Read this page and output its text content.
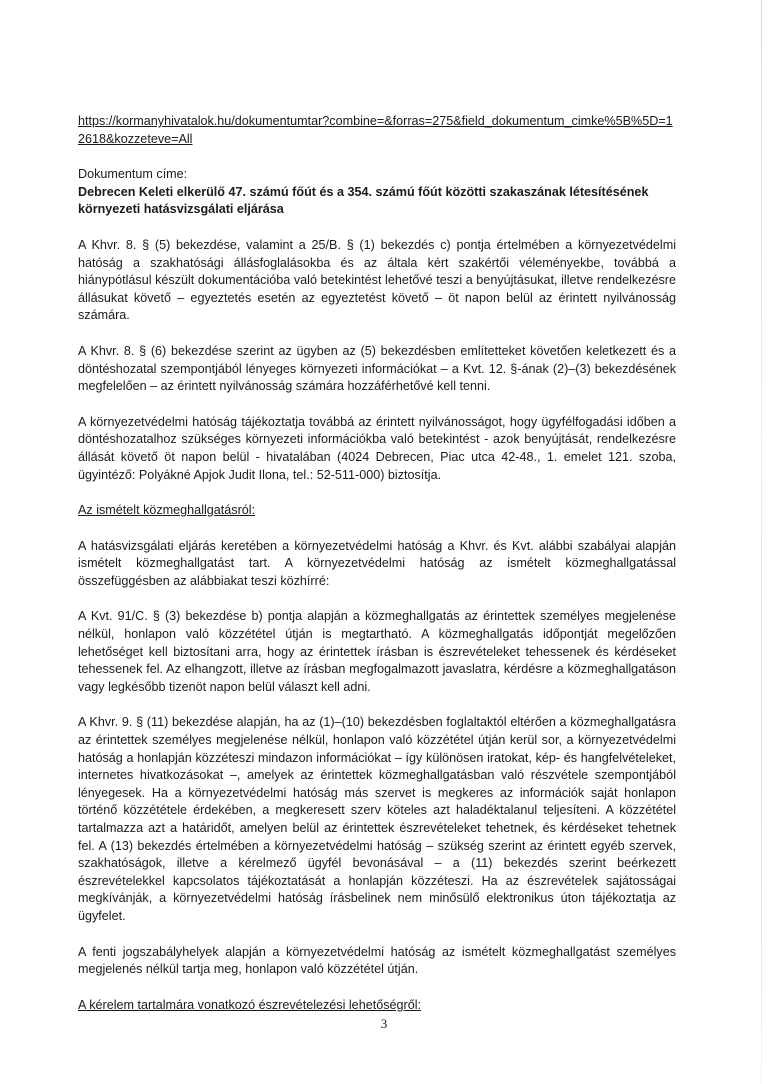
https://kormanyhivatalok.hu/dokumentumtar?combine=&forras=275&field_dokumentum_cimke%5B%5D=12618&kozzeteve=All

Dokumentum címe:

Debrecen Keleti elkerülő 47. számú főút és a 354. számú főút közötti szakaszának létesítésének környezeti hatásvizsgálati eljárása

A Khvr. 8. § (5) bekezdése, valamint a 25/B. § (1) bekezdés c) pontja értelmében a környezetvédelmi hatóság a szakhatósági állásfoglalásokba és az általa kért szakértői véleményekbe, továbbá a hiánypótlásul készült dokumentációba való betekintést lehetővé teszi a benyújtásukat, illetve rendelkezésre állásukat követő – egyeztetés esetén az egyeztetést követő – öt napon belül az érintett nyilvánosság számára.

A Khvr. 8. § (6) bekezdése szerint az ügyben az (5) bekezdésben említetteket követően keletkezett és a döntéshozatal szempontjából lényeges környezeti információkat – a Kvt. 12. §-ának (2)–(3) bekezdésének megfelelően – az érintett nyilvánosság számára hozzáférhetővé kell tenni.

A környezetvédelmi hatóság tájékoztatja továbbá az érintett nyilvánosságot, hogy ügyfélfogadási időben a döntéshozatalhoz szükséges környezeti információkba való betekintést - azok benyújtását, rendelkezésre állását követő öt napon belül - hivatalában (4024 Debrecen, Piac utca 42-48., 1. emelet 121. szoba, ügyintéző: Polyákné Apjok Judit Ilona, tel.: 52-511-000) biztosítja.

Az ismételt közmeghallgatásról:

A hatásvizsgálati eljárás keretében a környezetvédelmi hatóság a Khvr. és Kvt. alábbi szabályai alapján ismételt közmeghallgatást tart. A környezetvédelmi hatóság az ismételt közmeghallgatással összefüggésben az alábbiakat teszi közhírré:

A Kvt. 91/C. § (3) bekezdése b) pontja alapján a közmeghallgatás az érintettek személyes megjelenése nélkül, honlapon való közzététel útján is megtartható. A közmeghallgatás időpontját megelőzően lehetőséget kell biztosítani arra, hogy az érintettek írásban is észrevételeket tehessenek és kérdéseket tehessenek fel. Az elhangzott, illetve az írásban megfogalmazott javaslatra, kérdésre a közmeghallgatáson vagy legkésőbb tizenöt napon belül választ kell adni.

A Khvr. 9. § (11) bekezdése alapján, ha az (1)–(10) bekezdésben foglaltaktól eltérően a közmeghallgatásra az érintettek személyes megjelenése nélkül, honlapon való közzététel útján kerül sor, a környezetvédelmi hatóság a honlapján közzéteszi mindazon információkat – így különösen iratokat, kép- és hangfelvételeket, internetes hivatkozásokat –, amelyek az érintettek közmeghallgatásban való részvétele szempontjából lényegesek. Ha a környezetvédelmi hatóság más szervet is megkeres az információk saját honlapon történő közzététele érdekében, a megkeresett szerv köteles azt haladéktalanul teljesíteni. A közzététel tartalmazza azt a határidőt, amelyen belül az érintettek észrevételeket tehetnek, és kérdéseket tehetnek fel. A (13) bekezdés értelmében a környezetvédelmi hatóság – szükség szerint az érintett egyéb szervek, szakhatóságok, illetve a kérelmező ügyfél bevonásával – a (11) bekezdés szerint beérkezett észrevételekkel kapcsolatos tájékoztatását a honlapján közzéteszi. Ha az észrevételek sajátosságai megkívánják, a környezetvédelmi hatóság írásbelinek nem minősülő elektronikus úton tájékoztatja az ügyfelet.

A fenti jogszabályhelyek alapján a környezetvédelmi hatóság az ismételt közmeghallgatást személyes megjelenés nélkül tartja meg, honlapon való közzététel útján.

A kérelem tartalmára vonatkozó észrevételezési lehetőségről:

3
